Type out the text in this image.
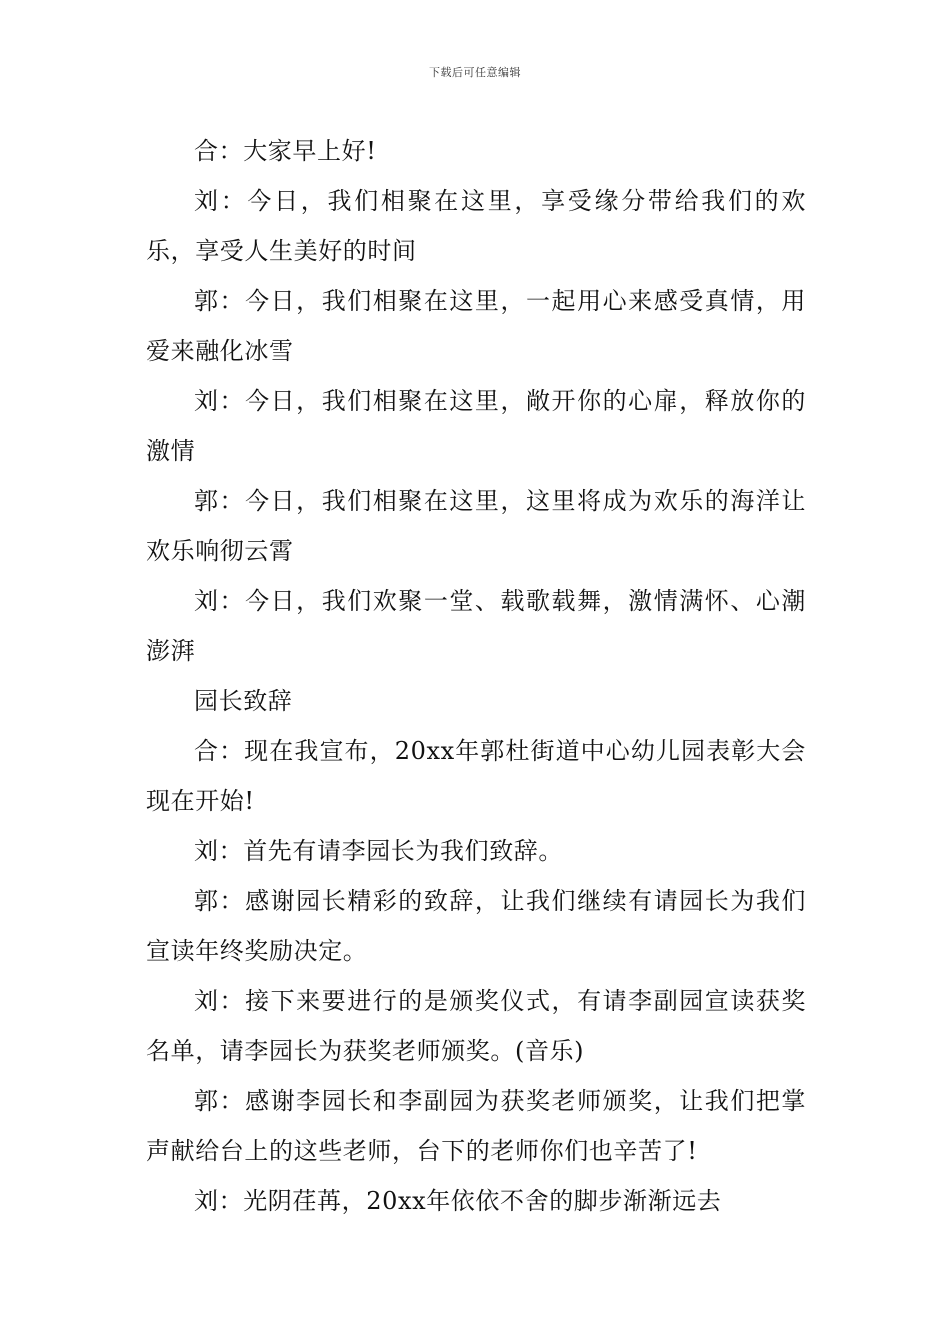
下载后可任意编辑

合：大家早上好!

刘：今日，我们相聚在这里，享受缘分带给我们的欢乐，享受人生美好的时间

郭：今日，我们相聚在这里，一起用心来感受真情，用爱来融化冰雪

刘：今日，我们相聚在这里，敞开你的心扉，释放你的激情

郭：今日，我们相聚在这里，这里将成为欢乐的海洋让欢乐响彻云霄

刘：今日，我们欢聚一堂、载歌载舞，激情满怀、心潮澎湃

园长致辞

合：现在我宣布，20xx年郭杜街道中心幼儿园表彰大会现在开始!

刘：首先有请李园长为我们致辞。

郭：感谢园长精彩的致辞，让我们继续有请园长为我们宣读年终奖励决定。

刘：接下来要进行的是颁奖仪式，有请李副园宣读获奖名单，请李园长为获奖老师颁奖。(音乐)

郭：感谢李园长和李副园为获奖老师颁奖，让我们把掌声献给台上的这些老师，台下的老师你们也辛苦了!

刘：光阴荏苒，20xx年依依不舍的脚步渐渐远去
